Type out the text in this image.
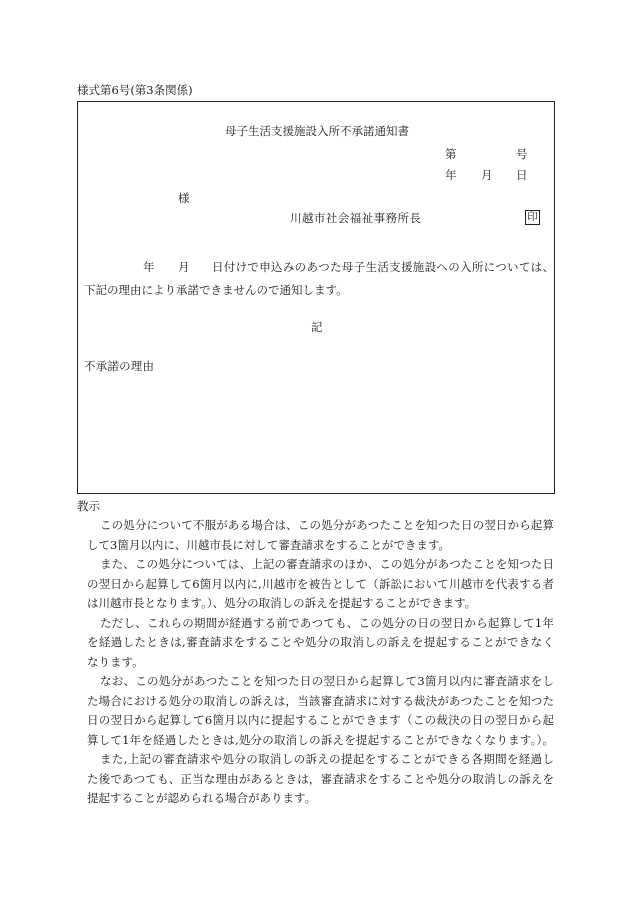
様式第6号(第3条関係)
母子生活支援施設入所不承諾通知書
第	号
年 月 日
様
川越市社会福祉事務所長	印
年 月 日付けで申込みのあつた母子生活支援施設への入所については、
下記の理由により承諾できませんので通知します。
記
不承諾の理由
教示
この処分について不服がある場合は、この処分があつたことを知つた日の翌日から起算
して3箇月以内に、川越市長に対して審査請求をすることができます。
また、この処分については、上記の審査請求のほか、この処分があつたことを知つた日
の翌日から起算して6箇月以内に,川越市を被告として（訴訟において川越市を代表する者
は川越市長となります。）、処分の取消しの訴えを提起することができます。
ただし、これらの期間が経過する前であつても、この処分の日の翌日から起算して1年
を経過したときは,審査請求をすることや処分の取消しの訴えを提起することができなく
なります。
なお、この処分があつたことを知つた日の翌日から起算して3箇月以内に審査請求をし
た場合における処分の取消しの訴えは，当該審査請求に対する裁決があつたことを知つた
日の翌日から起算して6箇月以内に提起することができます（この裁決の日の翌日から起
算して1年を経過したときは,処分の取消しの訴えを提起することができなくなります。）。
また,上記の審査請求や処分の取消しの訴えの提起をすることができる各期間を経過し
た後であつても、正当な理由があるときは，審査請求をすることや処分の取消しの訴えを
提起することが認められる場合があります。
